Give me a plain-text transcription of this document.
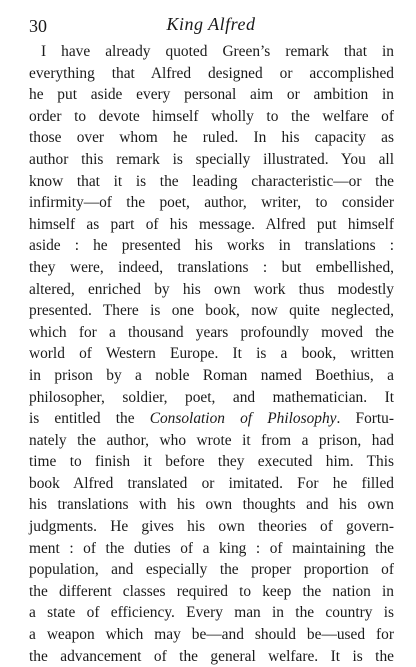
30	King Alfred
I have already quoted Green’s remark that in
everything that Alfred designed or accomplished
he put aside every personal aim or ambition in
order to devote himself wholly to the welfare of
those over whom he ruled. In his capacity as
author this remark is specially illustrated. You all
know that it is the leading characteristic—or the
infirmity—of the poet, author, writer, to consider
himself as part of his message. Alfred put himself
aside : he presented his works in translations :
they were, indeed, translations : but embellished,
altered, enriched by his own work thus modestly
presented. There is one book, now quite neglected,
which for a thousand years profoundly moved the
world of Western Europe. It is a book, written
in prison by a noble Roman named Boethius, a
philosopher, soldier, poet, and mathematician. It
is entitled the Consolation of Philosophy. Fortu-
nately the author, who wrote it from a prison, had
time to finish it before they executed him. This
book Alfred translated or imitated. For he filled
his translations with his own thoughts and his own
judgments. He gives his own theories of govern-
ment : of the duties of a king : of maintaining the
population, and especially the proper proportion of
the different classes required to keep the nation in
a state of efficiency. Every man in the country is
a weapon which may be—and should be—used for
the advancement of the general welfare. It is the
